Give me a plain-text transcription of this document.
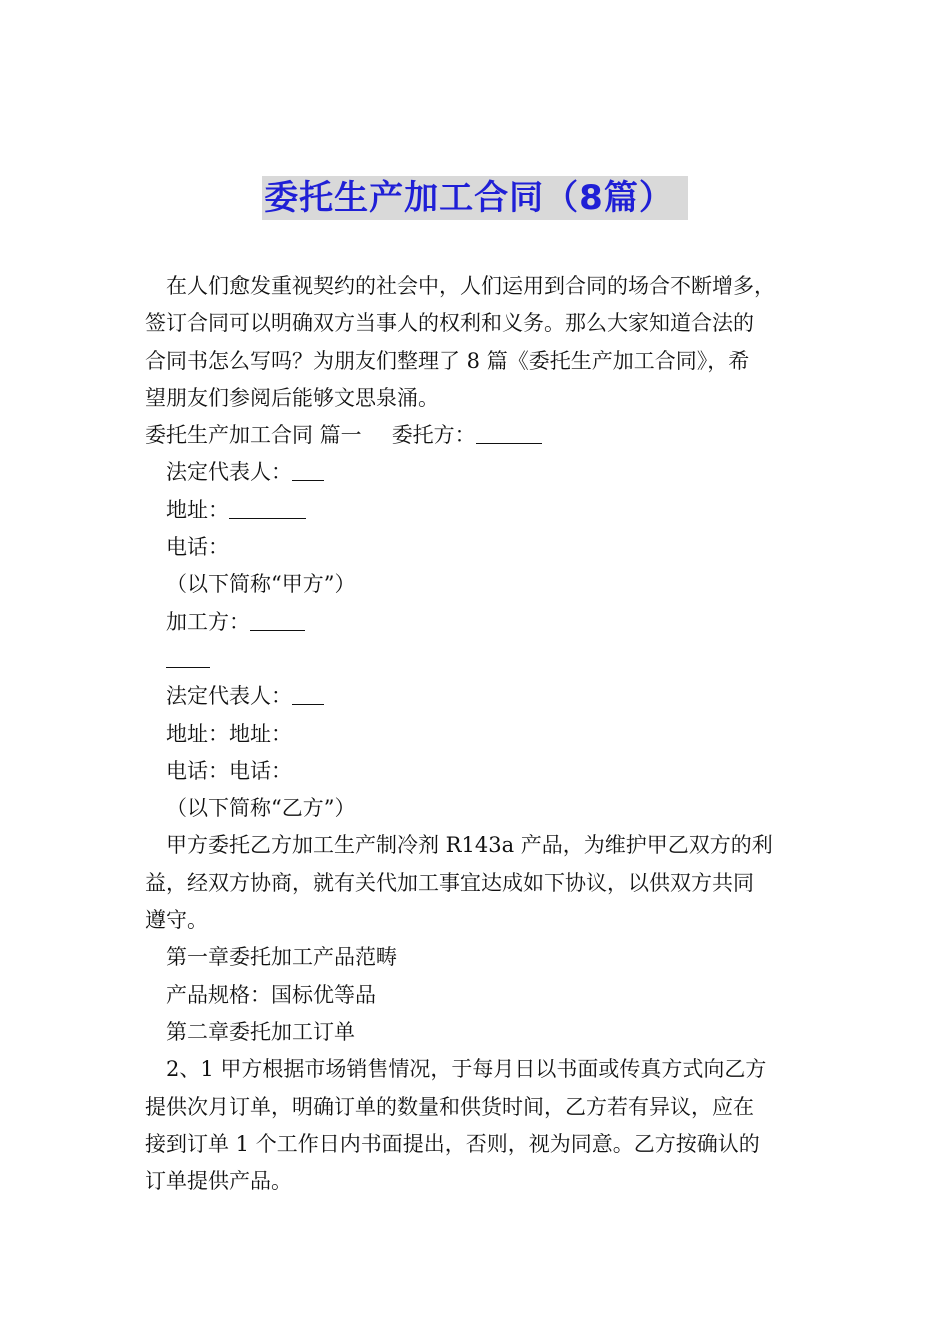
委托生产加工合同（8篇）
在人们愈发重视契约的社会中，人们运用到合同的场合不断增多，
签订合同可以明确双方当事人的权利和义务。那么大家知道合法的
合同书怎么写吗？为朋友们整理了 8 篇《委托生产加工合同》，希
望朋友们参阅后能够文思泉涌。
委托生产加工合同 篇一 委托方：
法定代表人：
地址：
电话：
（以下简称“甲方”）
加工方：
法定代表人：
地址：地址：
电话：电话：
（以下简称“乙方”）
甲方委托乙方加工生产制冷剂 R143a 产品，为维护甲乙双方的利
益，经双方协商，就有关代加工事宜达成如下协议，以供双方共同
遵守。
第一章委托加工产品范畴
产品规格：国标优等品
第二章委托加工订单
2、1 甲方根据市场销售情况，于每月日以书面或传真方式向乙方
提供次月订单，明确订单的数量和供货时间，乙方若有异议，应在
接到订单 1 个工作日内书面提出，否则，视为同意。乙方按确认的
订单提供产品。
